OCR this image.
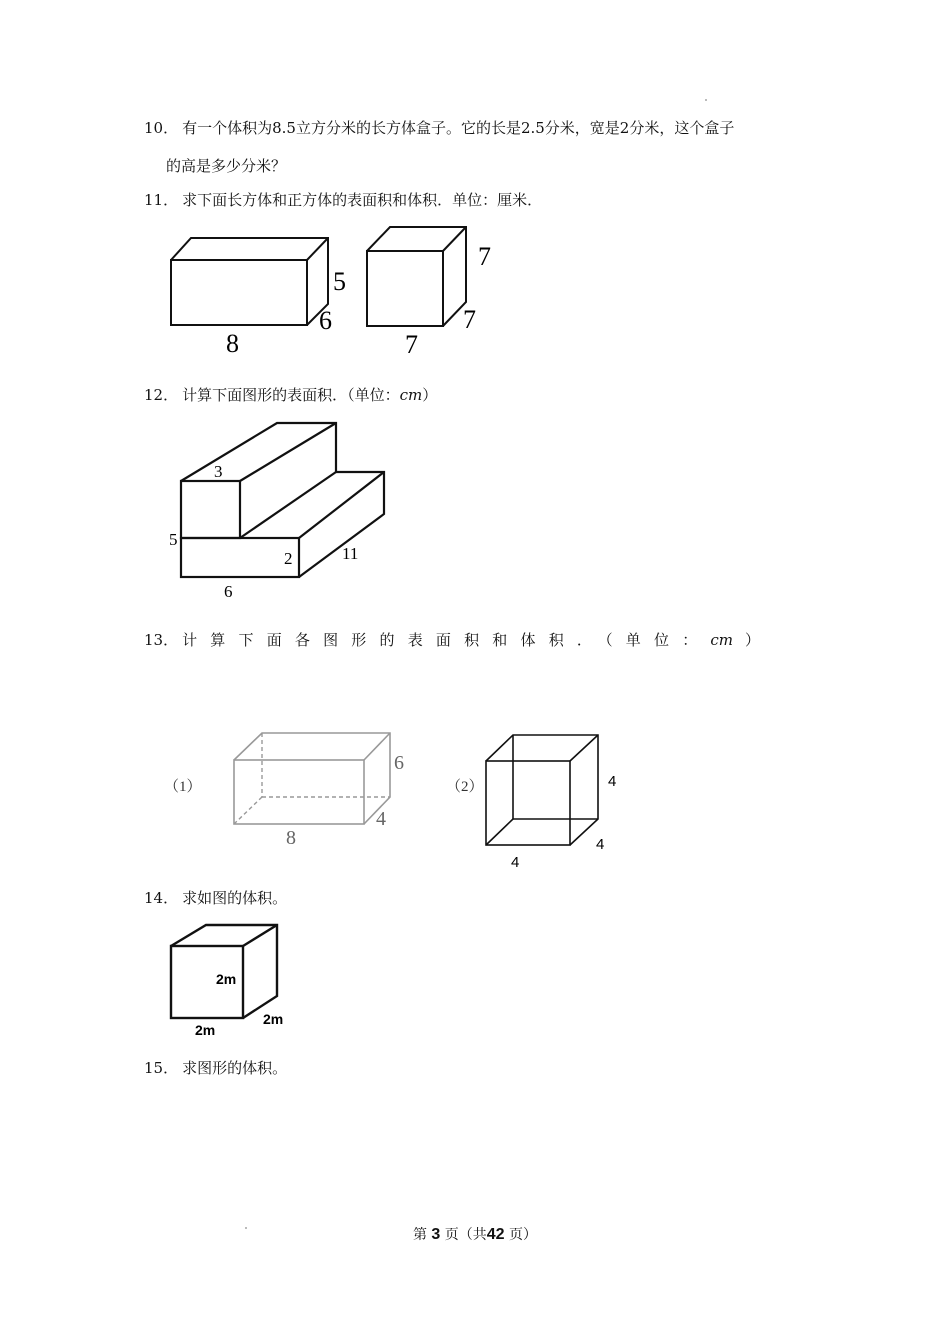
10． 有一个体积为8.5立方分米的长方体盒子。它的长是2.5分米，宽是2分米，这个盒子
的高是多少分米？
11． 求下面长方体和正方体的表面积和体积．单位：厘米．
5
6
8
7
7
7
12． 计算下面图形的表面积．（单位：cm）
3
5
2	11
6
13． 计算下面各图形的表面积和体积．（单位：cm ）
（1）
6
4
8
（2）	4
4
4
14． 求如图的体积。
2m
2m
2m
15． 求图形的体积。
第 3 页（共42 页）
